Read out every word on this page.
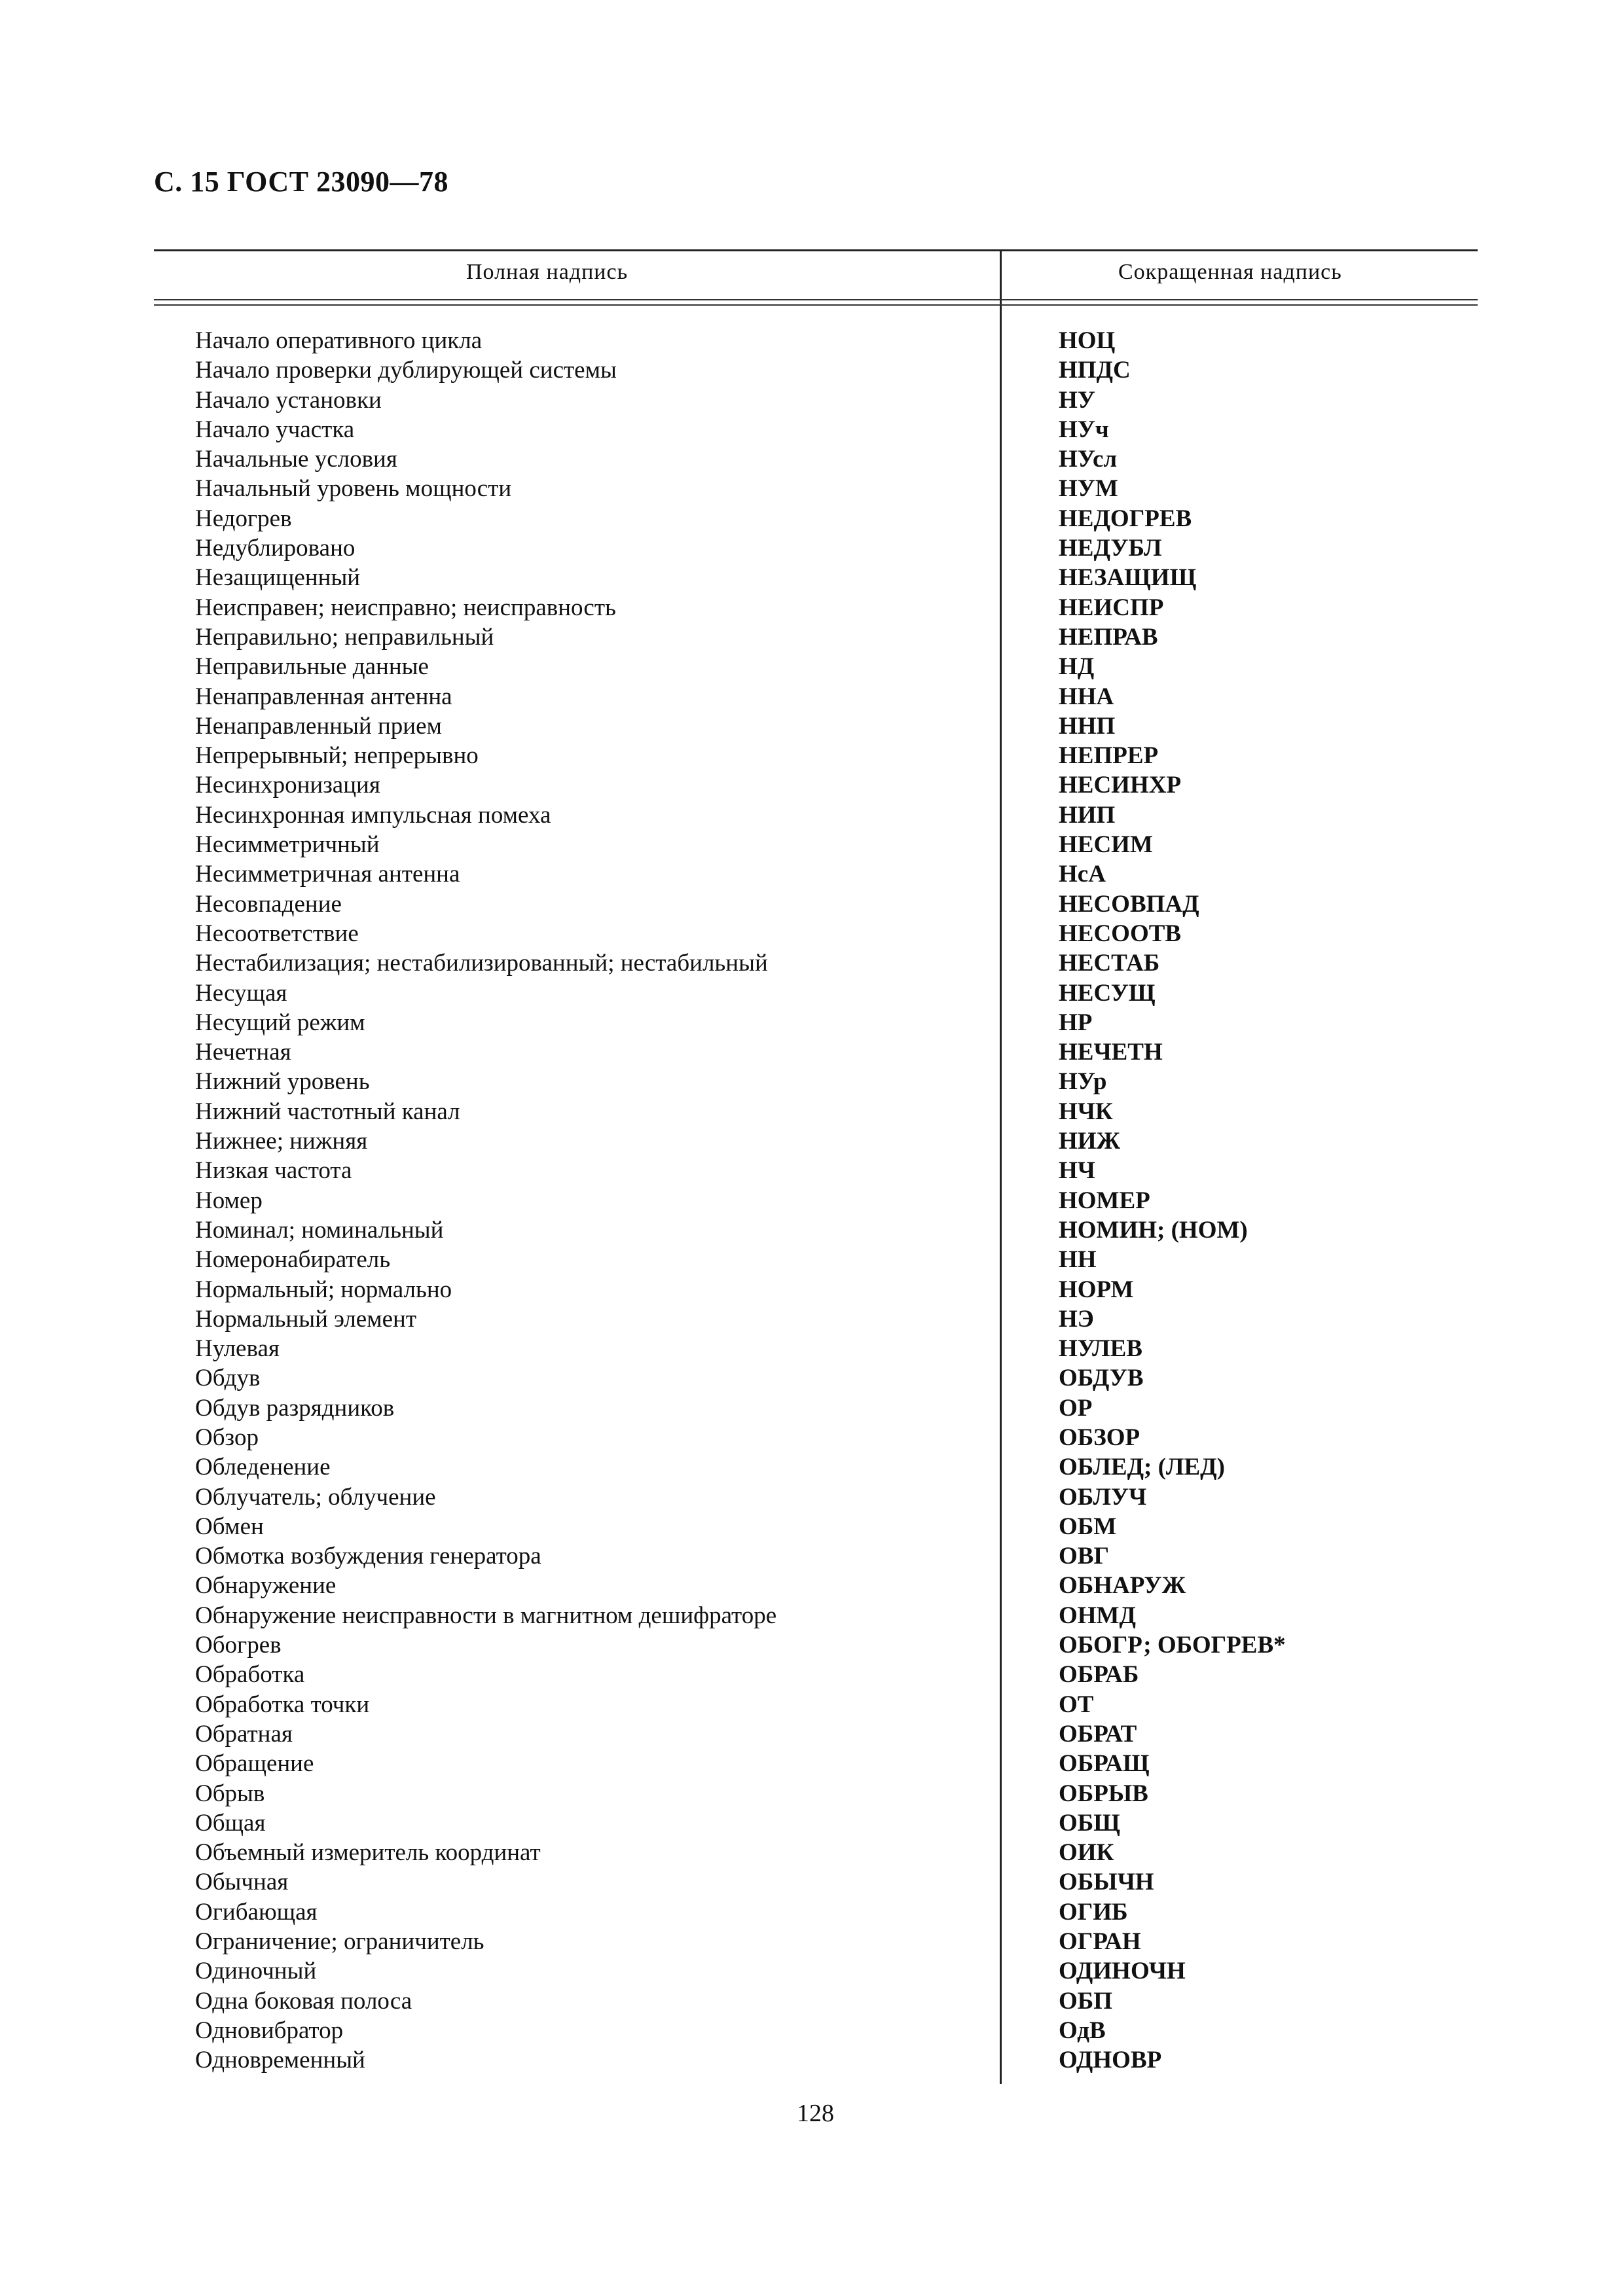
С. 15 ГОСТ 23090—78
Полная надпись	Сокращенная надпись
Начало оперативного цикла	НОЦ
Начало проверки дублирующей системы	НПДС
Начало установки	НУ
Начало участка	НУч
Начальные условия	НУсл
Начальный уровень мощности	НУМ
Недогрев	НЕДОГРЕВ
Недублировано	НЕДУБЛ
Незащищенный	НЕЗАЩИЩ
Неисправен; неисправно; неисправность	НЕИСПР
Неправильно; неправильный	НЕПРАВ
Неправильные данные	НД
Ненаправленная антенна	ННА
Ненаправленный прием	ННП
Непрерывный; непрерывно	НЕПРЕР
Несинхронизация	НЕСИНХР
Несинхронная импульсная помеха	НИП
Несимметричный	НЕСИМ
Несимметричная антенна	НсА
Несовпадение	НЕСОВПАД
Несоответствие	НЕСООТВ
Нестабилизация; нестабилизированный; нестабильный	НЕСТАБ
Несущая	НЕСУЩ
Несущий режим	НР
Нечетная	НЕЧЕТН
Нижний уровень	НУр
Нижний частотный канал	НЧК
Нижнее; нижняя	НИЖ
Низкая частота	НЧ
Номер	НОМЕР
Номинал; номинальный	НОМИН; (НОМ)
Номеронабиратель	НН
Нормальный; нормально	НОРМ
Нормальный элемент	НЭ
Нулевая	НУЛЕВ
Обдув	ОБДУВ
Обдув разрядников	ОР
Обзор	ОБЗОР
Обледенение	ОБЛЕД; (ЛЕД)
Облучатель; облучение	ОБЛУЧ
Обмен	ОБМ
Обмотка возбуждения генератора	ОВГ
Обнаружение	ОБНАРУЖ
Обнаружение неисправности в магнитном дешифраторе	ОНМД
Обогрев	ОБОГР; ОБОГРЕВ*
Обработка	ОБРАБ
Обработка точки	ОТ
Обратная	ОБРАТ
Обращение	ОБРАЩ
Обрыв	ОБРЫВ
Общая	ОБЩ
Объемный измеритель координат	ОИК
Обычная	ОБЫЧН
Огибающая	ОГИБ
Ограничение; ограничитель	ОГРАН
Одиночный	ОДИНОЧН
Одна боковая полоса	ОБП
Одновибратор	ОдВ
Одновременный	ОДНОВР
128
